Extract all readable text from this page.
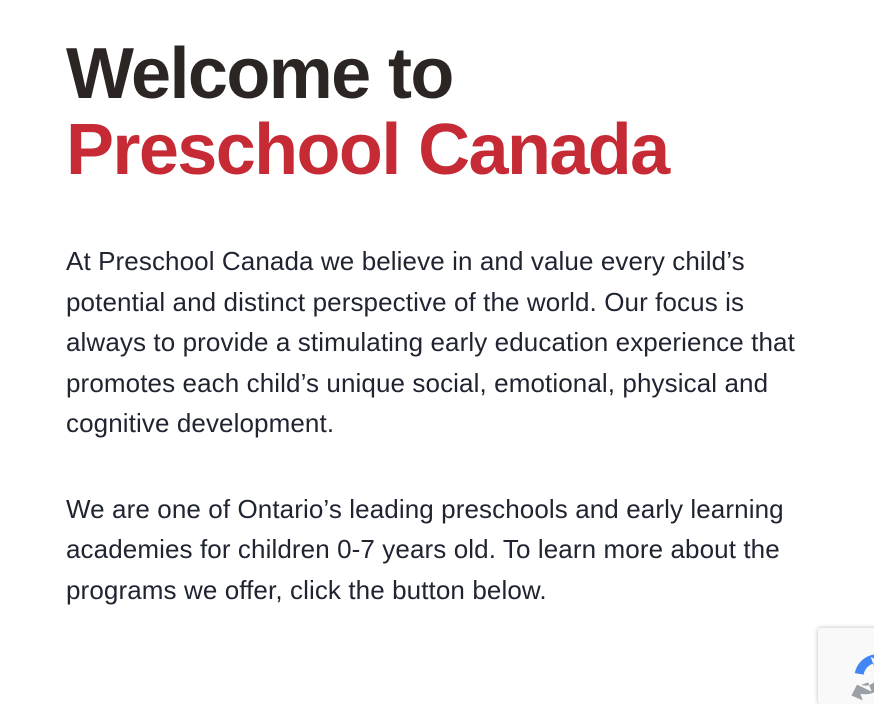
Welcome to
Preschool Canada

At Preschool Canada we believe in and value every child’s potential and distinct perspective of the world. Our focus is always to provide a stimulating early education experience that promotes each child’s unique social, emotional, physical and cognitive development.

We are one of Ontario’s leading preschools and early learning academies for children 0-7 years old. To learn more about the programs we offer, click the button below.
